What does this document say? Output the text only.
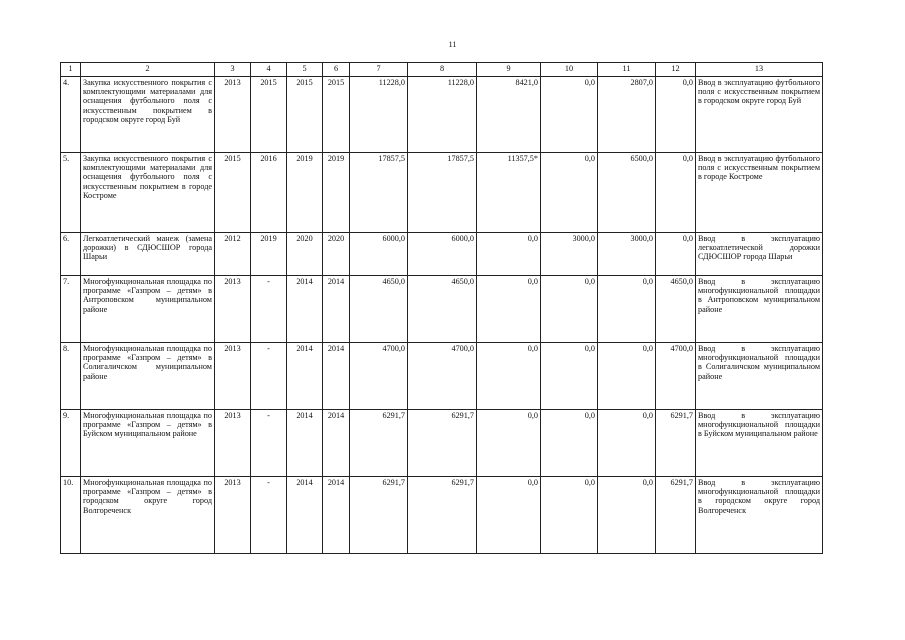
11
1	2	3	4	5	6	7	8	9	10	11	12	13
4.	Закупка искусственного покрытия с комплектующими материалами для оснащения футбольного поля с искусственным покрытием в городском округе город Буй	2013	2015	2015	2015	11228,0	11228,0	8421,0	0,0	2807,0	0,0	Ввод в эксплуатацию футбольного поля с искусственным покрытием в городском округе город Буй
5.	Закупка искусственного покрытия с комплектующими материалами для оснащения футбольного поля с искусственным покрытием в городе Костроме	2015	2016	2019	2019	17857,5	17857,5	11357,5*	0,0	6500,0	0,0	Ввод в эксплуатацию футбольного поля с искусственным покрытием в городе Костроме
6.	Легкоатлетический манеж (замена дорожки) в СДЮСШОР города Шарьи	2012	2019	2020	2020	6000,0	6000,0	0,0	3000,0	3000,0	0,0	Ввод в эксплуатацию легкоатлетической дорожки СДЮСШОР города Шарьи
7.	Многофункциональная площадка по программе «Газпром – детям» в Антроповском муниципальном районе	2013	-	2014	2014	4650,0	4650,0	0,0	0,0	0,0	4650,0	Ввод в эксплуатацию многофункциональной площадки в Антроповском муниципальном районе
8.	Многофункциональная площадка по программе «Газпром – детям» в Солигаличском муниципальном районе	2013	-	2014	2014	4700,0	4700,0	0,0	0,0	0,0	4700,0	Ввод в эксплуатацию многофункциональной площадки в Солигаличском муниципальном районе
9.	Многофункциональная площадка по программе «Газпром – детям» в Буйском муниципальном районе	2013	-	2014	2014	6291,7	6291,7	0,0	0,0	0,0	6291,7	Ввод в эксплуатацию многофункциональной площадки в Буйском муниципальном районе
10.	Многофункциональная площадка по программе «Газпром – детям» в городском округе город Волгореченск	2013	-	2014	2014	6291,7	6291,7	0,0	0,0	0,0	6291,7	Ввод в эксплуатацию многофункциональной площадки в городском округе город Волгореченск
